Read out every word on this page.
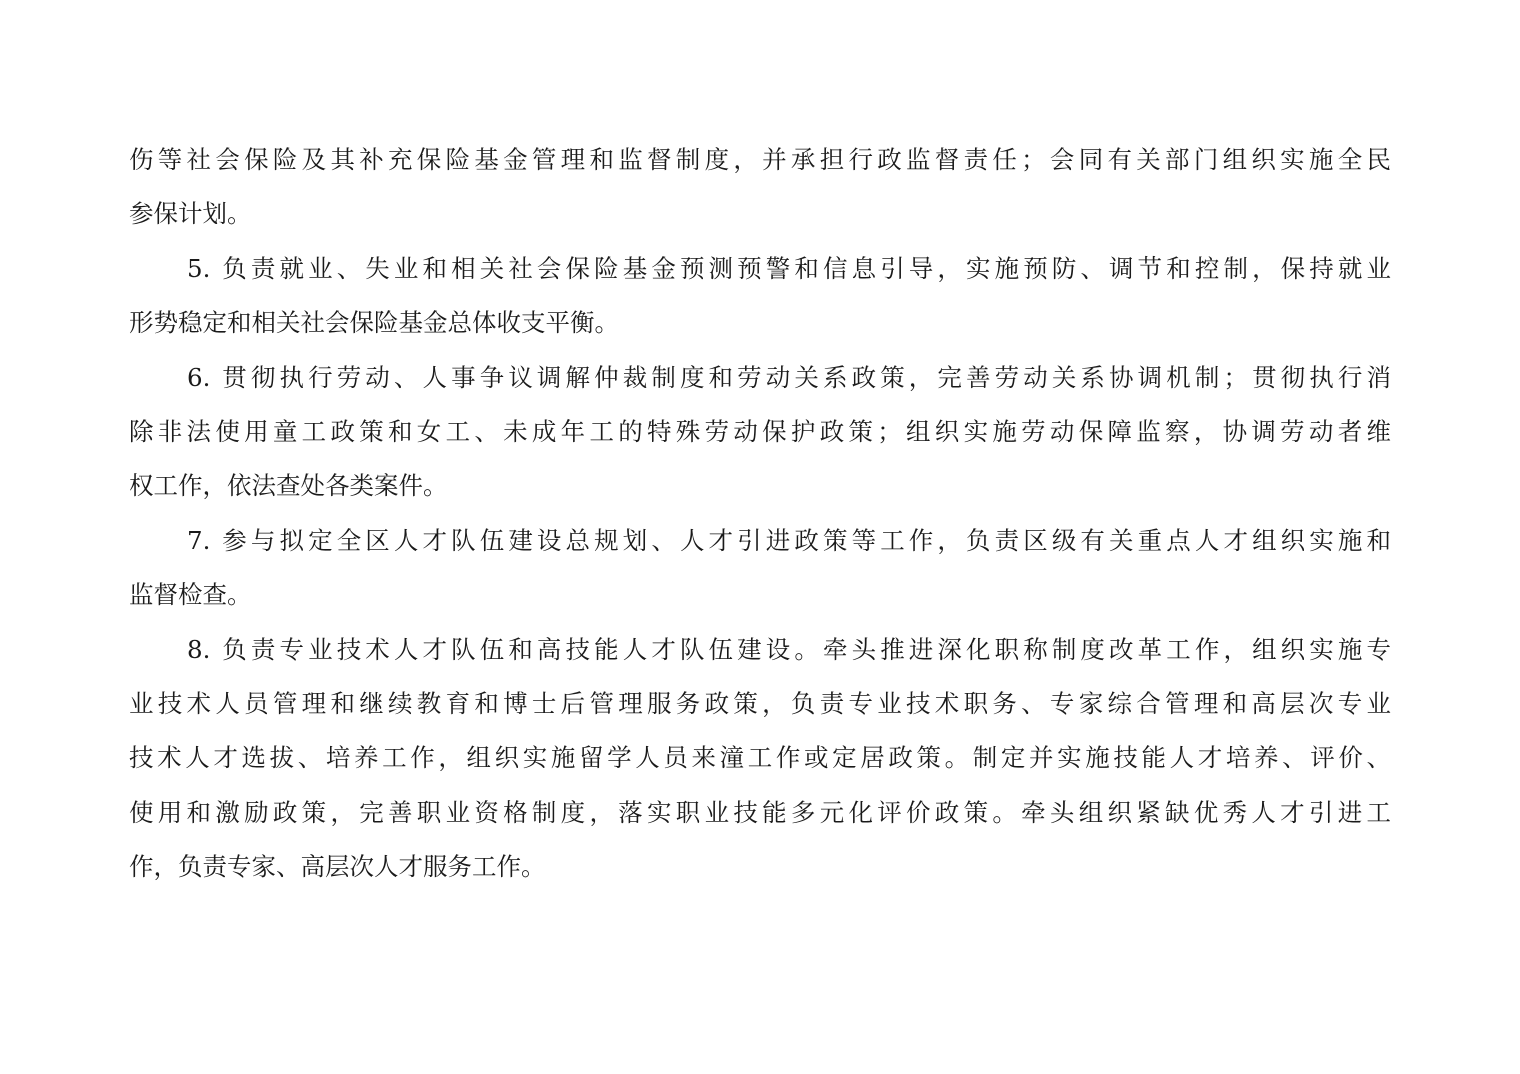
伤等社会保险及其补充保险基金管理和监督制度，并承担行政监督责任；会同有关部门组织实施全民
参保计划。
5. 负责就业、失业和相关社会保险基金预测预警和信息引导，实施预防、调节和控制，保持就业
形势稳定和相关社会保险基金总体收支平衡。
6. 贯彻执行劳动、人事争议调解仲裁制度和劳动关系政策，完善劳动关系协调机制；贯彻执行消
除非法使用童工政策和女工、未成年工的特殊劳动保护政策；组织实施劳动保障监察，协调劳动者维
权工作，依法查处各类案件。
7. 参与拟定全区人才队伍建设总规划、人才引进政策等工作，负责区级有关重点人才组织实施和
监督检查。
8. 负责专业技术人才队伍和高技能人才队伍建设。牵头推进深化职称制度改革工作，组织实施专
业技术人员管理和继续教育和博士后管理服务政策，负责专业技术职务、专家综合管理和高层次专业
技术人才选拔、培养工作，组织实施留学人员来潼工作或定居政策。制定并实施技能人才培养、评价、
使用和激励政策，完善职业资格制度，落实职业技能多元化评价政策。牵头组织紧缺优秀人才引进工
作，负责专家、高层次人才服务工作。
